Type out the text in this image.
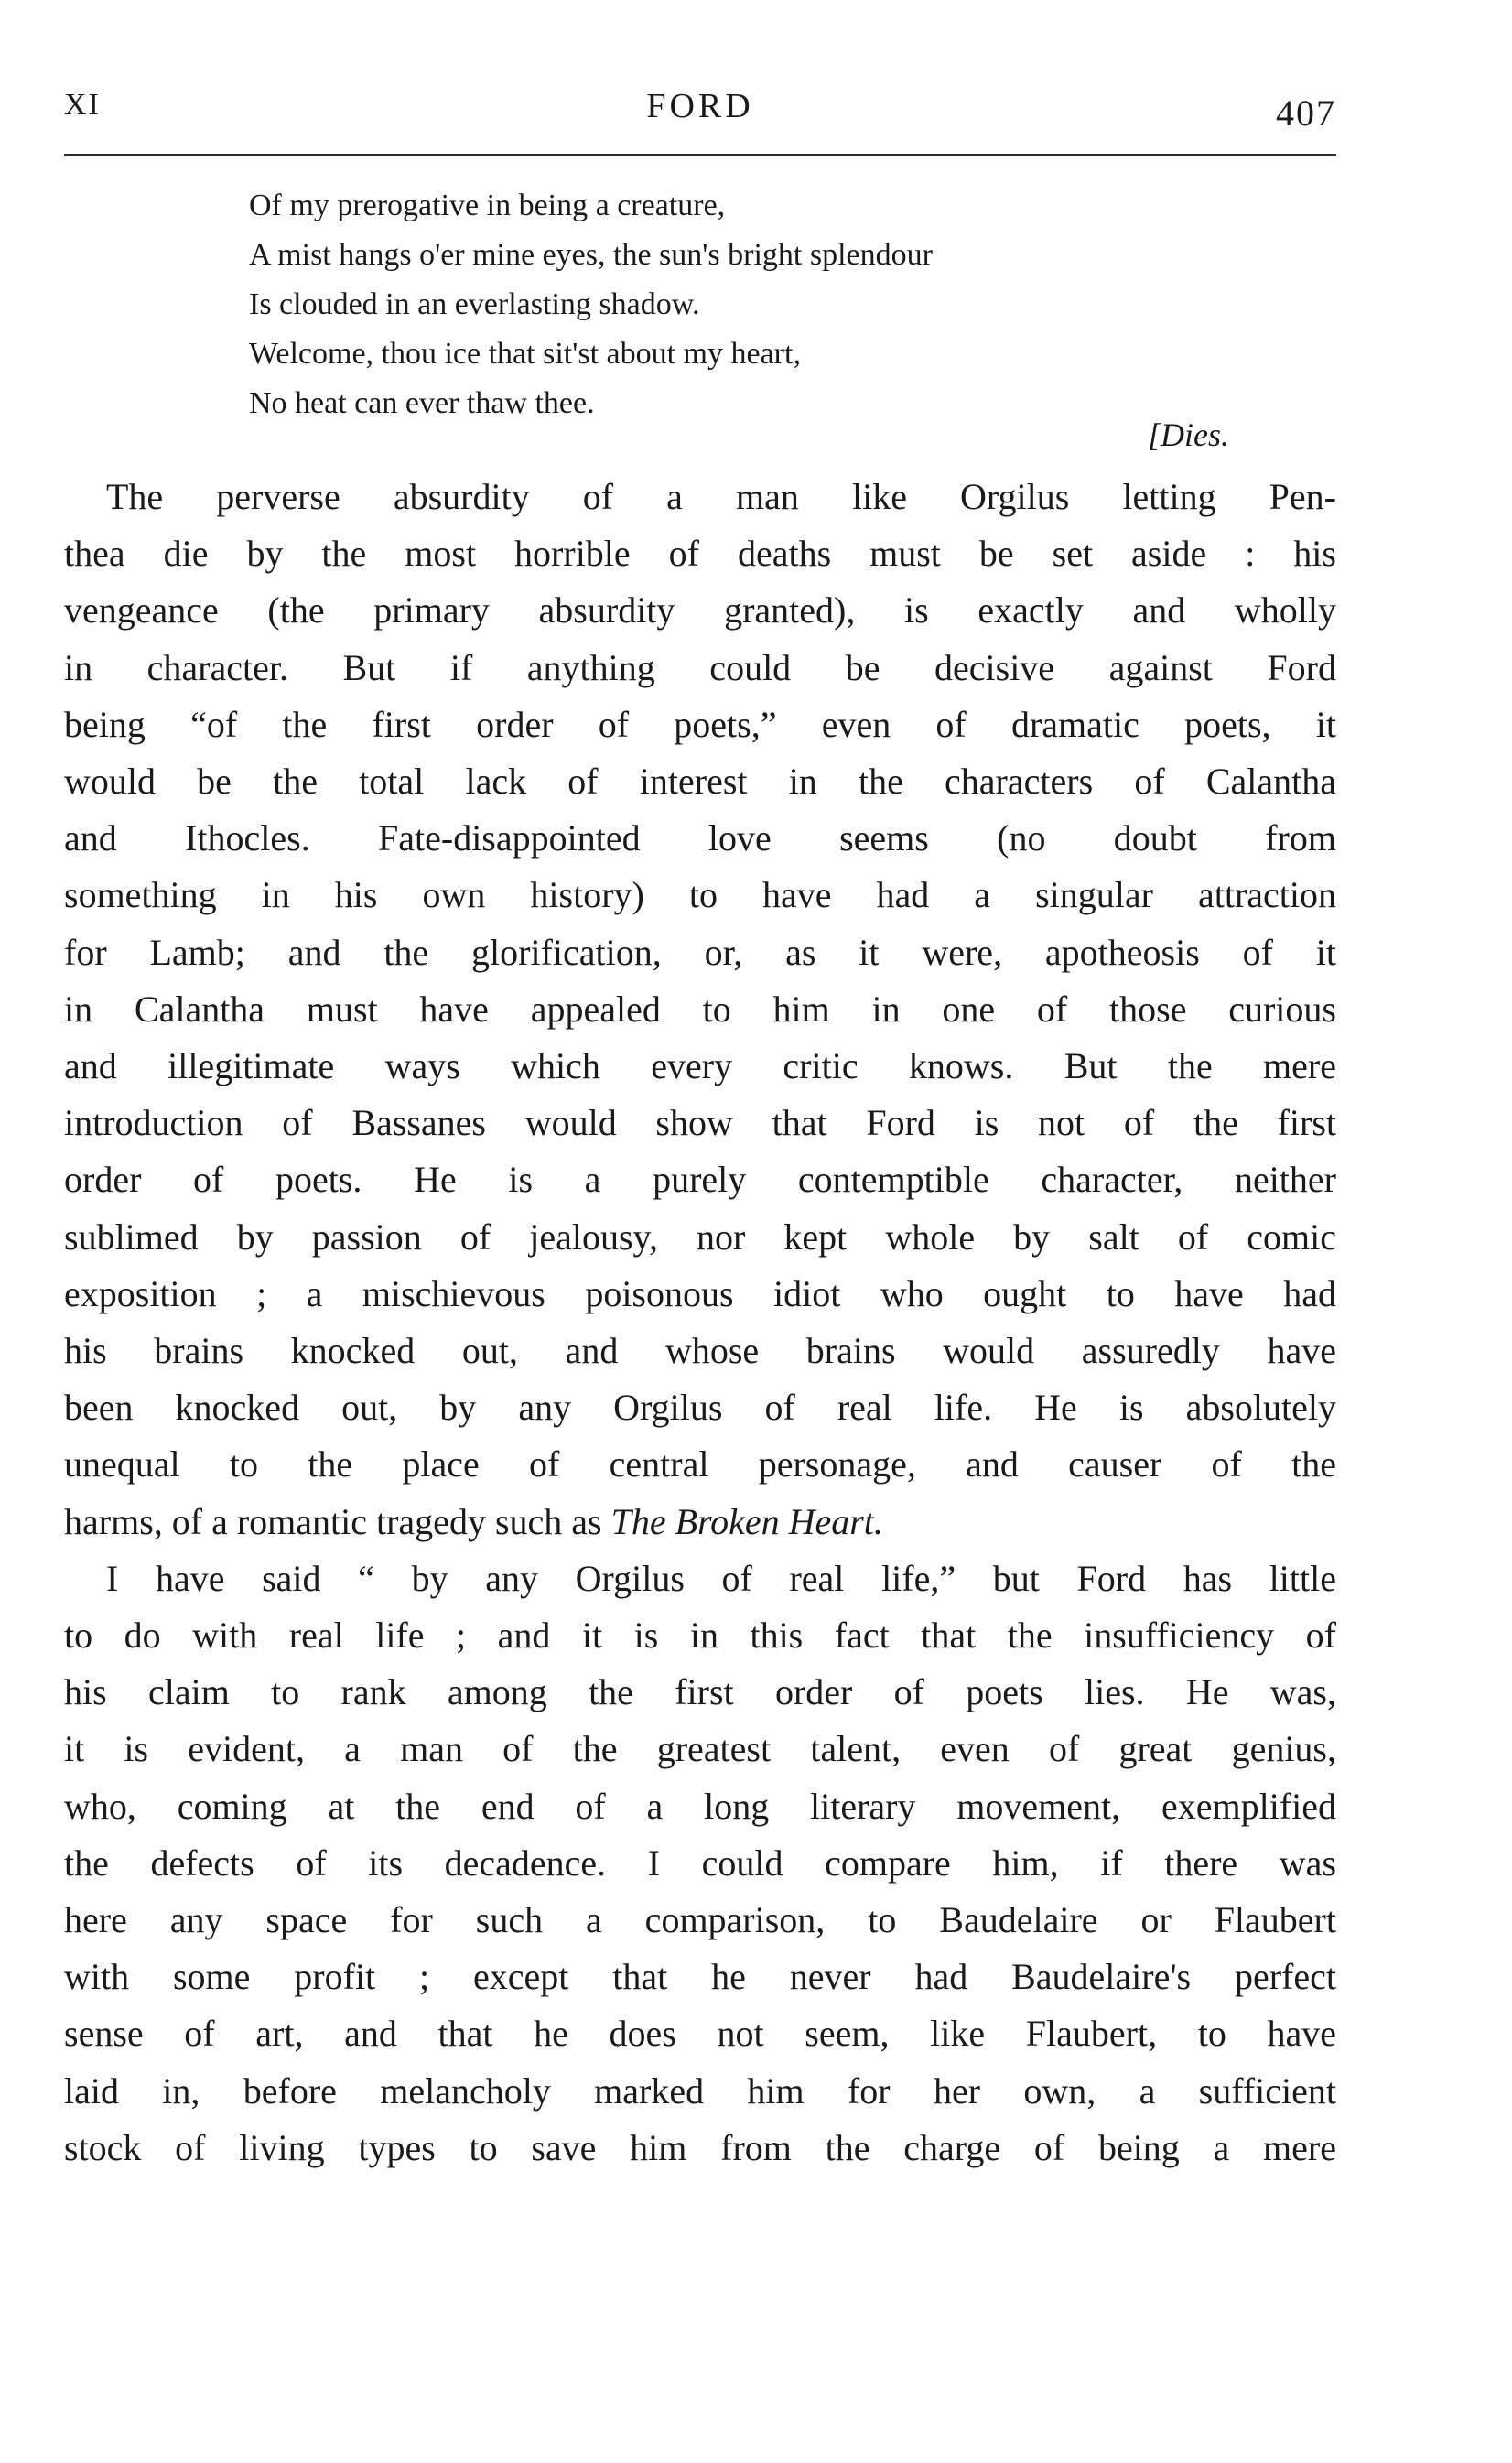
XI	FORD	407
Of my prerogative in being a creature,
A mist hangs o'er mine eyes, the sun's bright splendour
Is clouded in an everlasting shadow.
Welcome, thou ice that sit'st about my heart,
No heat can ever thaw thee.
[Dies.
The perverse absurdity of a man like Orgilus letting Pen-
thea die by the most horrible of deaths must be set aside : his
vengeance (the primary absurdity granted), is exactly and wholly
in character. But if anything could be decisive against Ford
being “of the first order of poets,” even of dramatic poets, it
would be the total lack of interest in the characters of Calantha
and Ithocles. Fate-disappointed love seems (no doubt from
something in his own history) to have had a singular attraction
for Lamb; and the glorification, or, as it were, apotheosis of it
in Calantha must have appealed to him in one of those curious
and illegitimate ways which every critic knows. But the mere
introduction of Bassanes would show that Ford is not of the first
order of poets. He is a purely contemptible character, neither
sublimed by passion of jealousy, nor kept whole by salt of comic
exposition ; a mischievous poisonous idiot who ought to have had
his brains knocked out, and whose brains would assuredly have
been knocked out, by any Orgilus of real life. He is absolutely
unequal to the place of central personage, and causer of the
harms, of a romantic tragedy such as The Broken Heart.
I have said “ by any Orgilus of real life,” but Ford has little
to do with real life ; and it is in this fact that the insufficiency of
his claim to rank among the first order of poets lies. He was,
it is evident, a man of the greatest talent, even of great genius,
who, coming at the end of a long literary movement, exemplified
the defects of its decadence. I could compare him, if there was
here any space for such a comparison, to Baudelaire or Flaubert
with some profit ; except that he never had Baudelaire's perfect
sense of art, and that he does not seem, like Flaubert, to have
laid in, before melancholy marked him for her own, a sufficient
stock of living types to save him from the charge of being a mere
